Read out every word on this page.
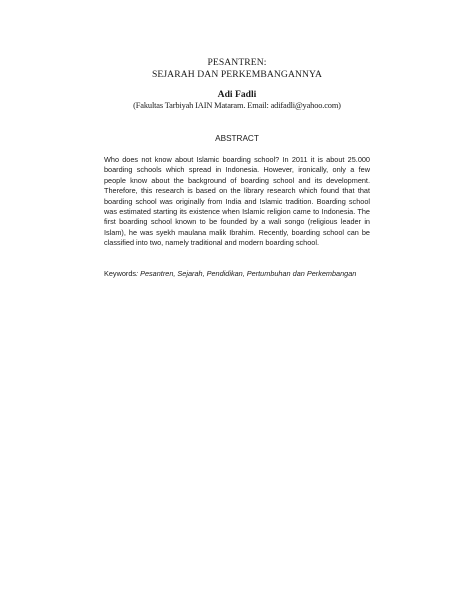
PESANTREN:
SEJARAH DAN PERKEMBANGANNYA
Adi Fadli
(Fakultas Tarbiyah IAIN Mataram. Email: adifadli@yahoo.com)
ABSTRACT

Who does not know about Islamic boarding school? In 2011 it is about 25.000 boarding schools which spread in Indonesia. However, ironically, only a few people know about the background of boarding school and its development. Therefore, this research is based on the library research which found that that boarding school was originally from India and Islamic tradition. Boarding school was estimated starting its existence when Islamic religion came to Indonesia. The first boarding school known to be founded by a wali songo (religious leader in Islam), he was syekh maulana malik Ibrahim. Recently, boarding school can be classified into two, namely traditional and modern boarding school.

Keywords: Pesantren, Sejarah, Pendidikan, Pertumbuhan dan Perkembangan
